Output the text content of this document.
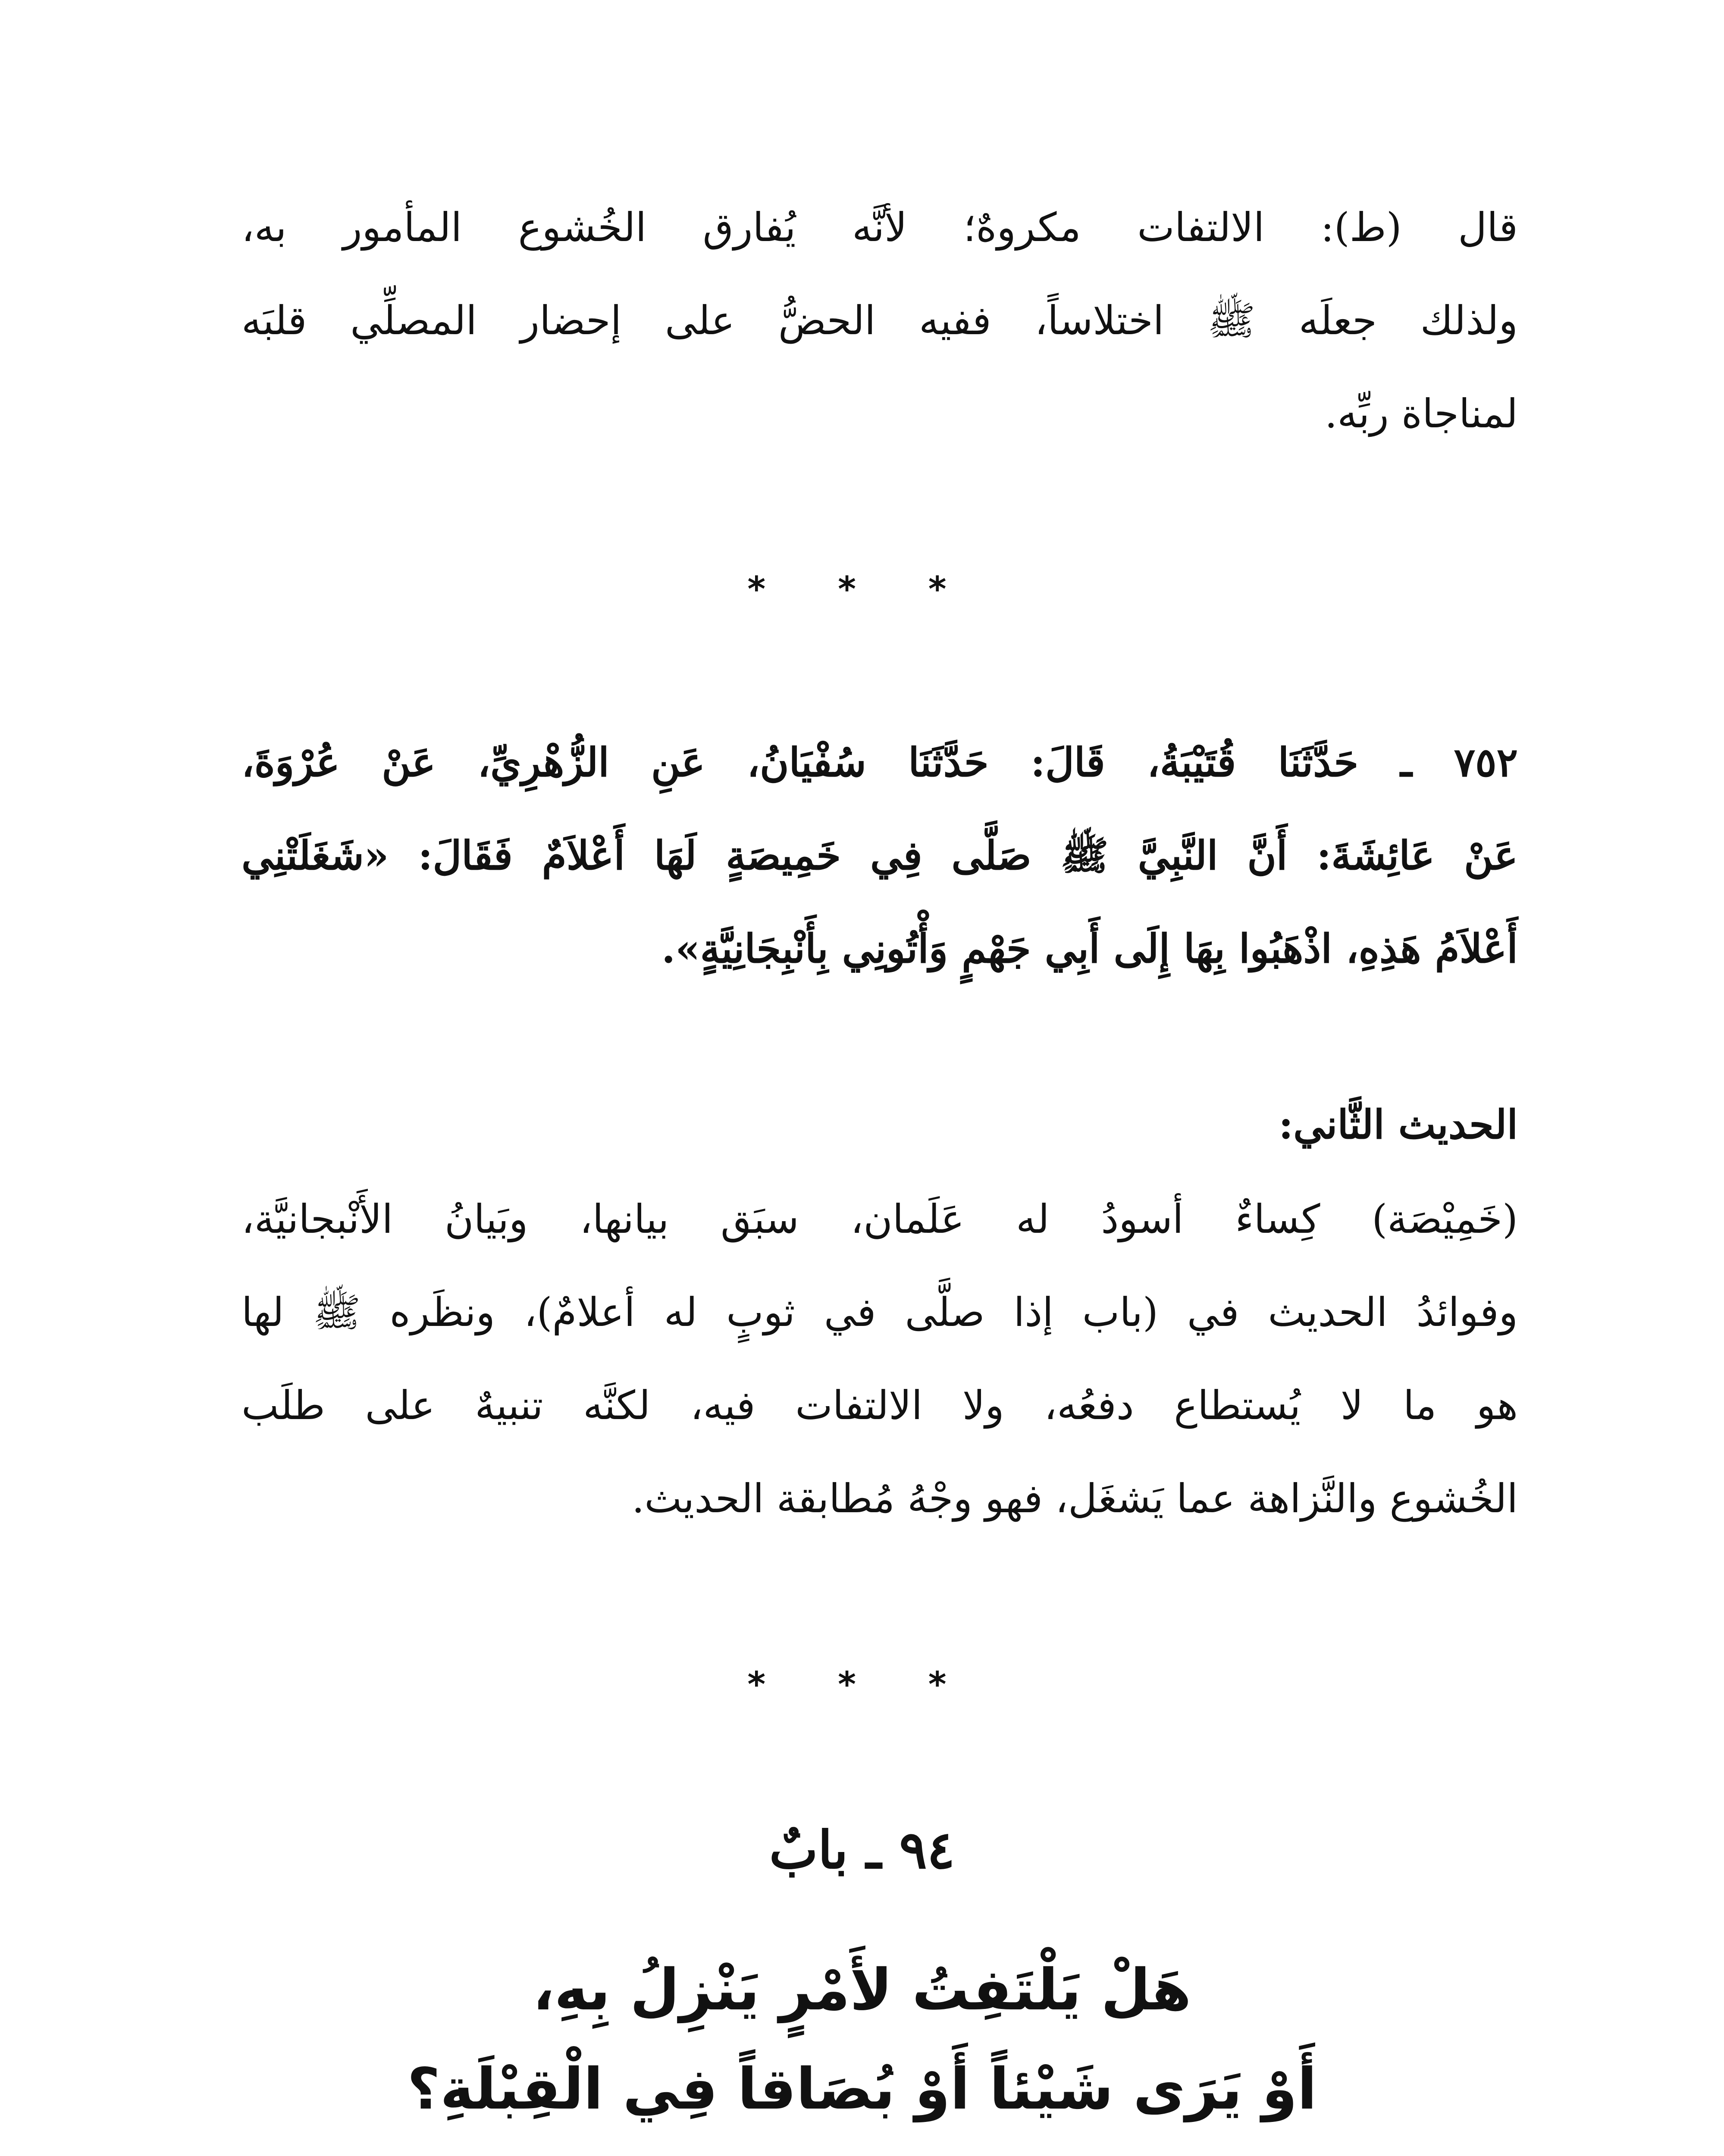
قال (ط): الالتفات مكروهٌ؛ لأنَّه يُفارق الخُشوع المأمور به،
ولذلك جعلَه ﷺ اختلاساً، ففيه الحضُّ على إحضار المصلِّي قلبَه
لمناجاة ربِّه.
* * *
٧٥٢ ـ حَدَّثَنَا قُتَيْبَةُ، قَالَ: حَدَّثَنَا سُفْيَانُ، عَنِ الزُّهْرِيِّ، عَنْ عُرْوَةَ،
عَنْ عَائِشَةَ: أَنَّ النَّبِيَّ ﷺ صَلَّى فِي خَمِيصَةٍ لَهَا أَعْلاَمٌ فَقَالَ: «شَغَلَتْنِي
أَعْلاَمُ هَذِهِ، اذْهَبُوا بِهَا إِلَى أَبِي جَهْمٍ وَأْتُونِي بِأَنْبِجَانِيَّةٍ».
الحديث الثَّاني:
(خَمِيْصَة) كِساءٌ أسودُ له عَلَمان، سبَق بيانها، وبَيانُ الأَنْبجانيَّة،
وفوائدُ الحديث في (باب إذا صلَّى في ثوبٍ له أعلامٌ)، ونظَره ﷺ لها
هو ما لا يُستطاع دفعُه، ولا الالتفات فيه، لكنَّه تنبيهٌ على طلَب
الخُشوع والنَّزاهة عما يَشغَل، فهو وجْهُ مُطابقة الحديث.
* * *
٩٤ ـ بابٌ
هَلْ يَلْتَفِتُ لأَمْرٍ يَنْزِلُ بِهِ،
أَوْ يَرَى شَيْئاً أَوْ بُصَاقاً فِي الْقِبْلَةِ؟
